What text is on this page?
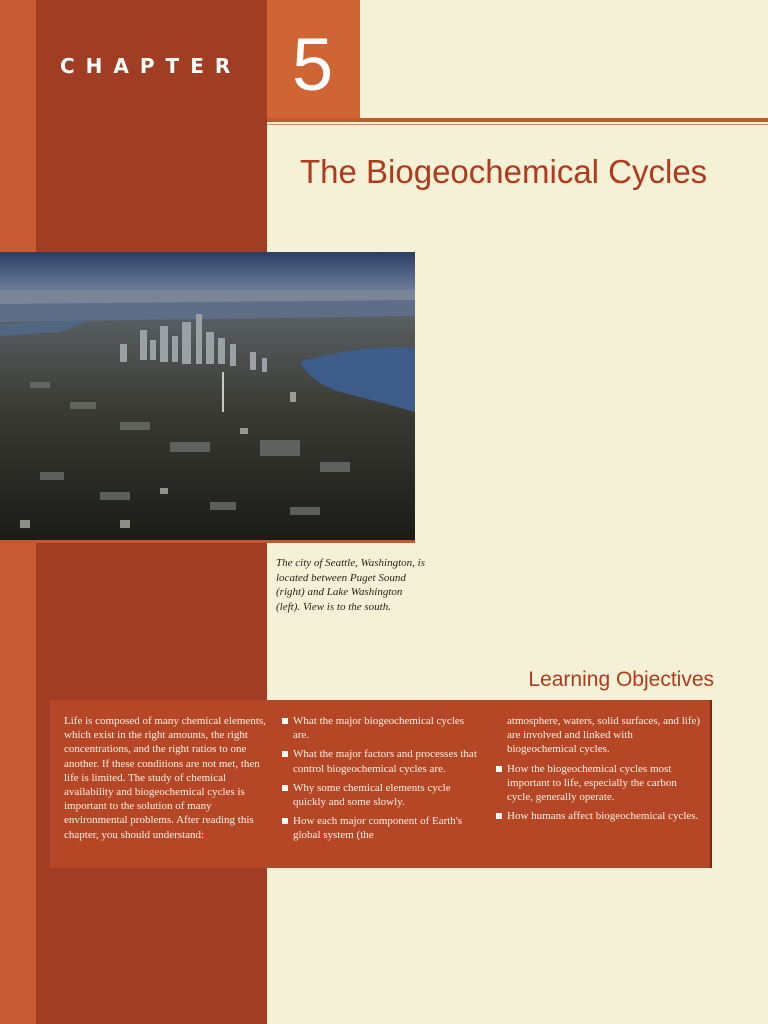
CHAPTER 5
The Biogeochemical Cycles
The city of Seattle, Washington, is located between Puget Sound (right) and Lake Washington (left). View is to the south.
Learning Objectives
Life is composed of many chemical elements, which exist in the right amounts, the right concentrations, and the right ratios to one another. If these conditions are not met, then life is limited. The study of chemical availability and biogeochemical cycles is important to the solution of many environmental problems. After reading this chapter, you should understand:
What the major biogeochemical cycles are.
What the major factors and processes that control biogeochemical cycles are.
Why some chemical elements cycle quickly and some slowly.
How each major component of Earth's global system (the
atmosphere, waters, solid surfaces, and life) are involved and linked with biogeochemical cycles.
How the biogeochemical cycles most important to life, especially the carbon cycle, generally operate.
How humans affect biogeochemical cycles.
